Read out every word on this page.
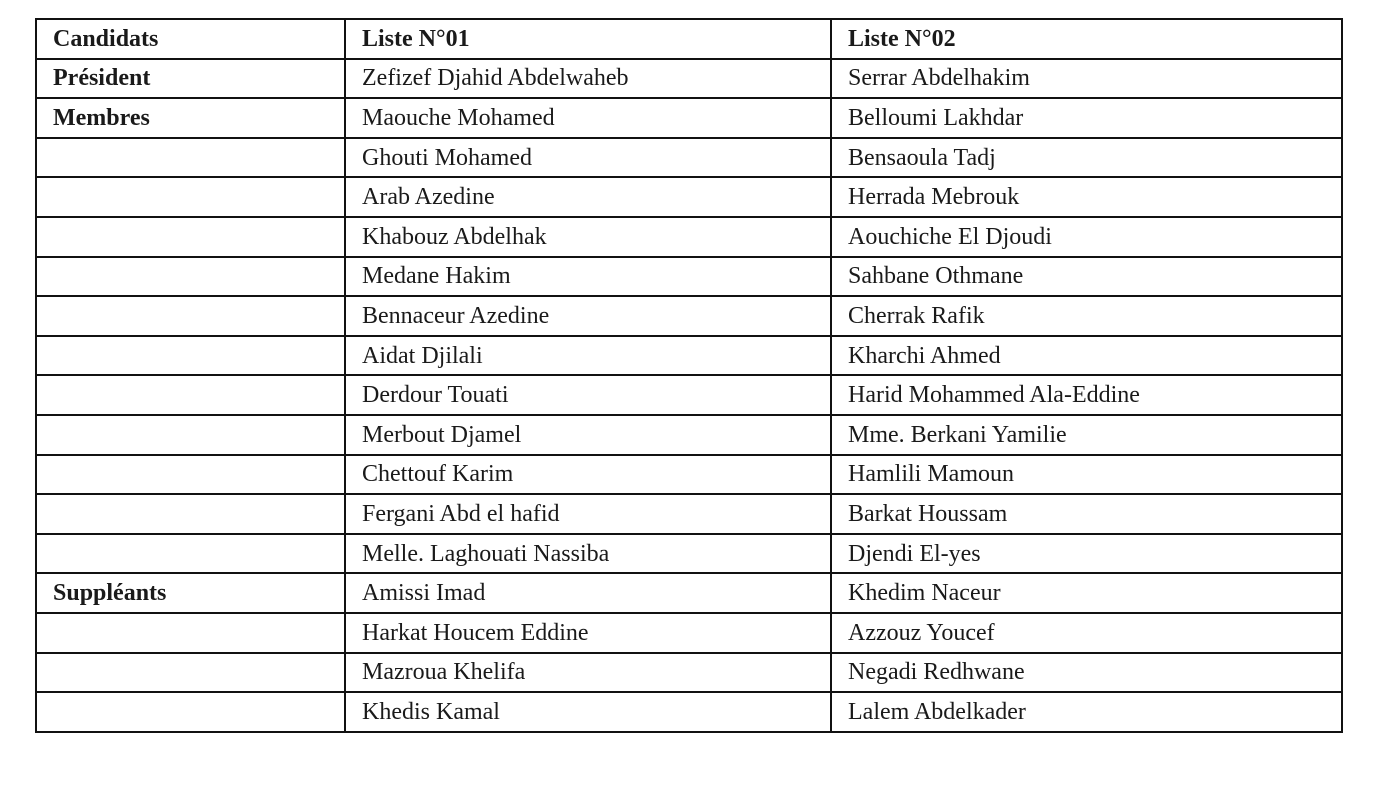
Candidats	Liste N°01	Liste N°02
Président	Zefizef Djahid Abdelwaheb	Serrar Abdelhakim
Membres	Maouche Mohamed	Belloumi Lakhdar
	Ghouti Mohamed	Bensaoula Tadj
	Arab Azedine	Herrada Mebrouk
	Khabouz Abdelhak	Aouchiche El Djoudi
	Medane Hakim	Sahbane Othmane
	Bennaceur Azedine	Cherrak Rafik
	Aidat Djilali	Kharchi Ahmed
	Derdour Touati	Harid Mohammed Ala-Eddine
	Merbout Djamel	Mme. Berkani Yamilie
	Chettouf Karim	Hamlili Mamoun
	Fergani Abd el hafid	Barkat Houssam
	Melle. Laghouati Nassiba	Djendi El-yes
Suppléants	Amissi Imad	Khedim Naceur
	Harkat Houcem Eddine	Azzouz Youcef
	Mazroua Khelifa	Negadi Redhwane
	Khedis Kamal	Lalem Abdelkader
